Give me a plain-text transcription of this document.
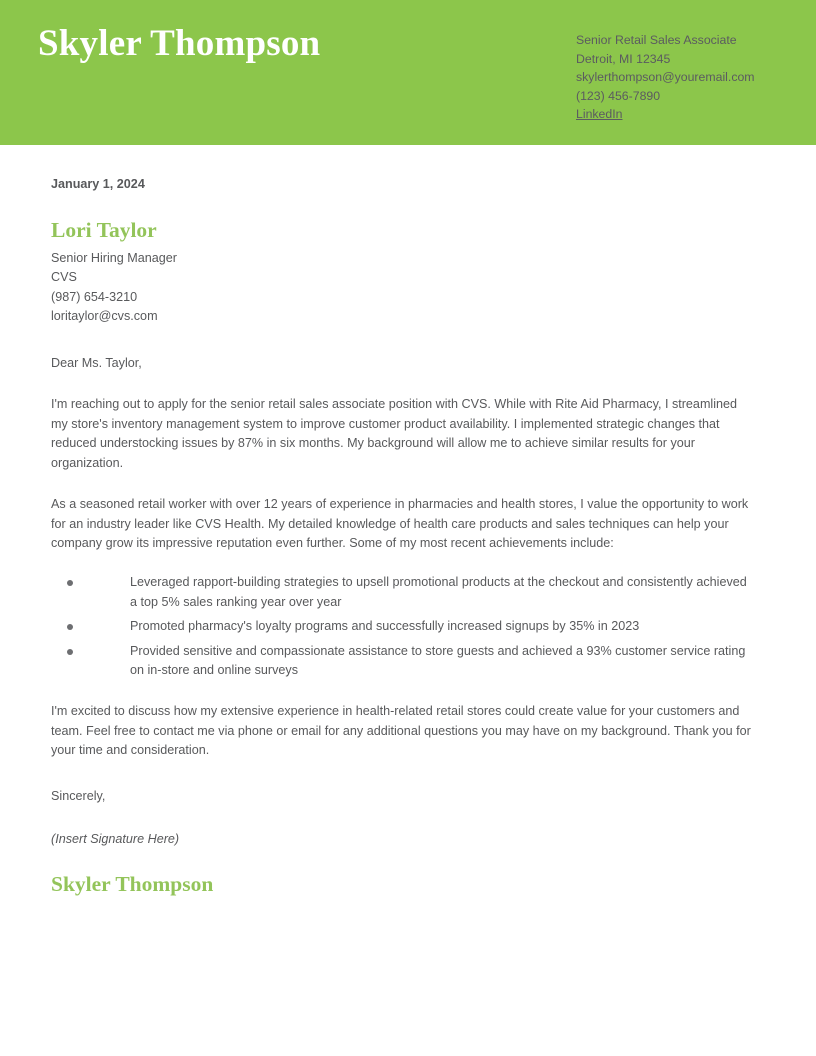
Skyler Thompson	Senior Retail Sales Associate
Detroit, MI 12345
skylerthompson@youremail.com
(123) 456-7890
LinkedIn

January 1, 2024

Lori Taylor

Senior Hiring Manager

CVS

(987) 654-3210

loritaylor@cvs.com

Dear Ms. Taylor,

I'm reaching out to apply for the senior retail sales associate position with CVS. While with Rite Aid Pharmacy, I streamlined my store's inventory management system to improve customer product availability. I implemented strategic changes that reduced understocking issues by 87% in six months. My background will allow me to achieve similar results for your organization.

As a seasoned retail worker with over 12 years of experience in pharmacies and health stores, I value the opportunity to work for an industry leader like CVS Health. My detailed knowledge of health care products and sales techniques can help your company grow its impressive reputation even further. Some of my most recent achievements include:

Leveraged rapport-building strategies to upsell promotional products at the checkout and consistently achieved a top 5% sales ranking year over year
Promoted pharmacy's loyalty programs and successfully increased signups by 35% in 2023
Provided sensitive and compassionate assistance to store guests and achieved a 93% customer service rating on in-store and online surveys

I'm excited to discuss how my extensive experience in health-related retail stores could create value for your customers and team. Feel free to contact me via phone or email for any additional questions you may have on my background. Thank you for your time and consideration.

Sincerely,

(Insert Signature Here)

Skyler Thompson
